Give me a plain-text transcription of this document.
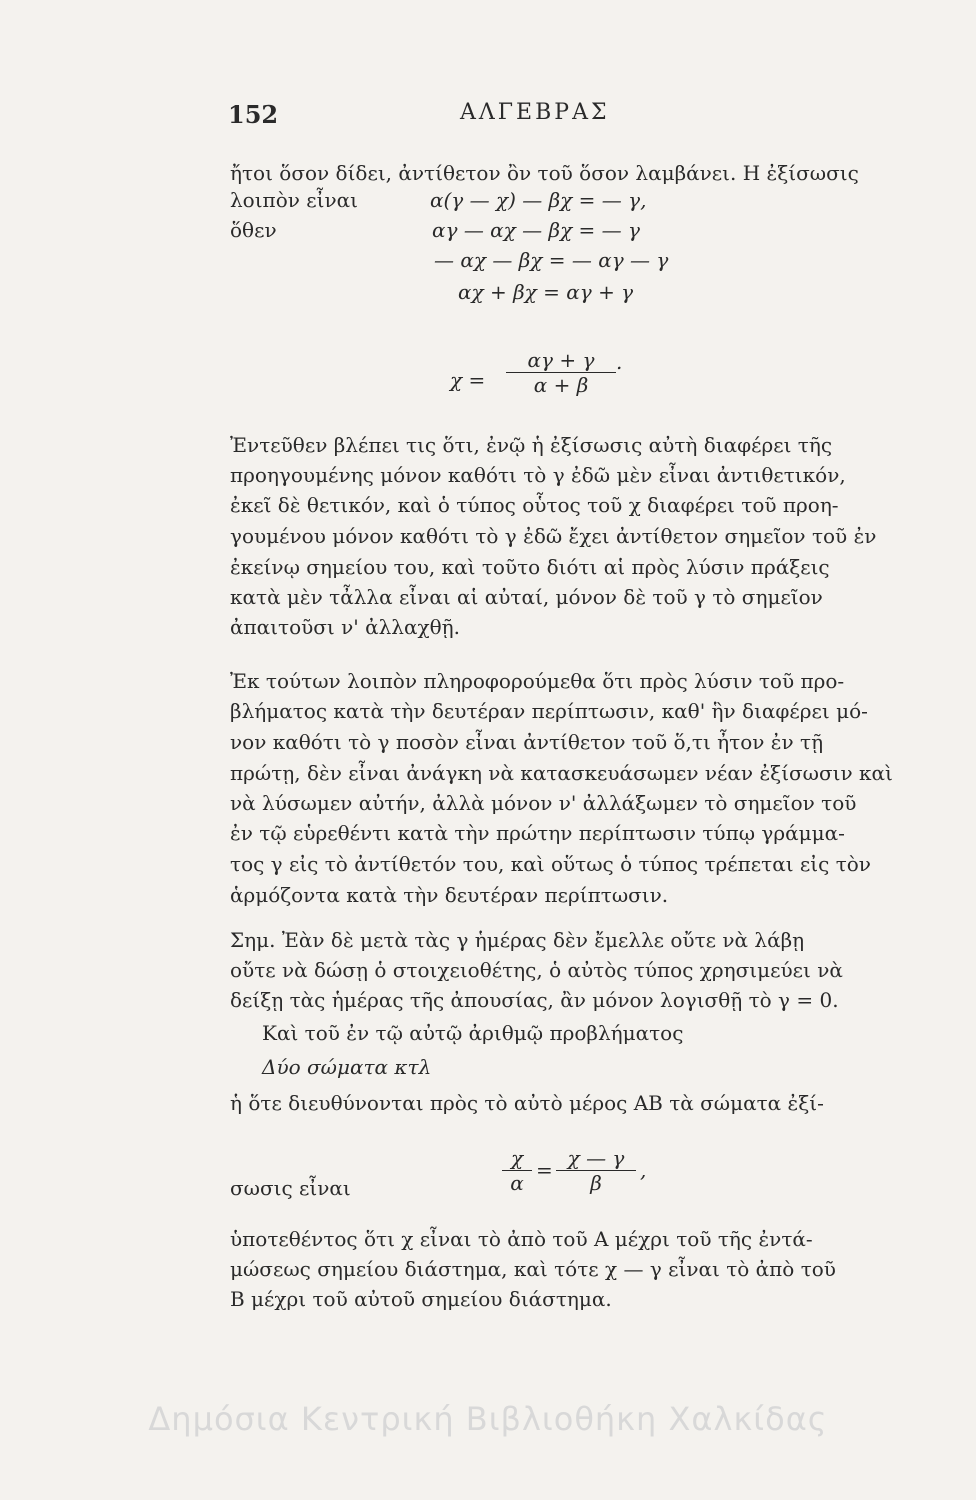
152	ΑΛΓΕΒΡΑΣ
ἤτοι ὅσον δίδει, ἀντίθετον ὂν τοῦ ὅσον λαμβάνει. Η ἐξίσωσις
λοιπὸν εἶναι	α(γ — χ) — βχ = — γ,
ὅθεν	αγ — αχ — βχ = — γ
— αχ — βχ = — αγ — γ
αχ + βχ = αγ + γ
$\chi = \frac{\alpha\gamma + \gamma}{\alpha + \beta}$ .
Ἐντεῦθεν βλέπει τις ὅτι, ἐνῷ ἡ ἐξίσωσις αὐτὴ διαφέρει τῆς
προηγουμένης μόνον καθότι τὸ γ ἐδῶ μὲν εἶναι ἀντιθετικόν,
ἐκεῖ δὲ θετικόν, καὶ ὁ τύπος οὗτος τοῦ χ διαφέρει τοῦ προη-
γουμένου μόνον καθότι τὸ γ ἐδῶ ἔχει ἀντίθετον σημεῖον τοῦ ἐν
ἐκείνῳ σημείου του, καὶ τοῦτο διότι αἱ πρὸς λύσιν πράξεις
κατὰ μὲν τἆλλα εἶναι αἱ αὐταί, μόνον δὲ τοῦ γ τὸ σημεῖον
ἀπαιτοῦσι ν' ἀλλαχθῇ.
Ἐκ τούτων λοιπὸν πληροφορούμεθα ὅτι πρὸς λύσιν τοῦ προ-
βλήματος κατὰ τὴν δευτέραν περίπτωσιν, καθ' ἣν διαφέρει μό-
νον καθότι τὸ γ ποσὸν εἶναι ἀντίθετον τοῦ ὅ,τι ἦτον ἐν τῇ
πρώτῃ, δὲν εἶναι ἀνάγκη νὰ κατασκευάσωμεν νέαν ἐξίσωσιν καὶ
νὰ λύσωμεν αὐτήν, ἀλλὰ μόνον ν' ἀλλάξωμεν τὸ σημεῖον τοῦ
ἐν τῷ εὑρεθέντι κατὰ τὴν πρώτην περίπτωσιν τύπῳ γράμμα-
τος γ εἰς τὸ ἀντίθετόν του, καὶ οὕτως ὁ τύπος τρέπεται εἰς τὸν
ἁρμόζοντα κατὰ τὴν δευτέραν περίπτωσιν.
Σημ. Ἐὰν δὲ μετὰ τὰς γ ἡμέρας δὲν ἔμελλε οὔτε νὰ λάβῃ
οὔτε νὰ δώσῃ ὁ στοιχειοθέτης, ὁ αὐτὸς τύπος χρησιμεύει νὰ
δείξῃ τὰς ἡμέρας τῆς ἀπουσίας, ἂν μόνον λογισθῇ τὸ γ = 0.
Καὶ τοῦ ἐν τῷ αὐτῷ ἀριθμῷ προβλήματος
Δύο σώματα κτλ
ἡ ὅτε διευθύνονται πρὸς τὸ αὐτὸ μέρος ΑΒ τὰ σώματα ἐξί-
σωσις εἶναι	$\frac{\chi}{\alpha} = \frac{\chi — \gamma}{\beta}$ ,
ὑποτεθέντος ὅτι χ εἶναι τὸ ἀπὸ τοῦ Α μέχρι τοῦ τῆς ἐντά-
μώσεως σημείου διάστημα, καὶ τότε χ — γ εἶναι τὸ ἀπὸ τοῦ
Β μέχρι τοῦ αὐτοῦ σημείου διάστημα.
Δημόσια Κεντρική Βιβλιοθήκη Χαλκίδας
